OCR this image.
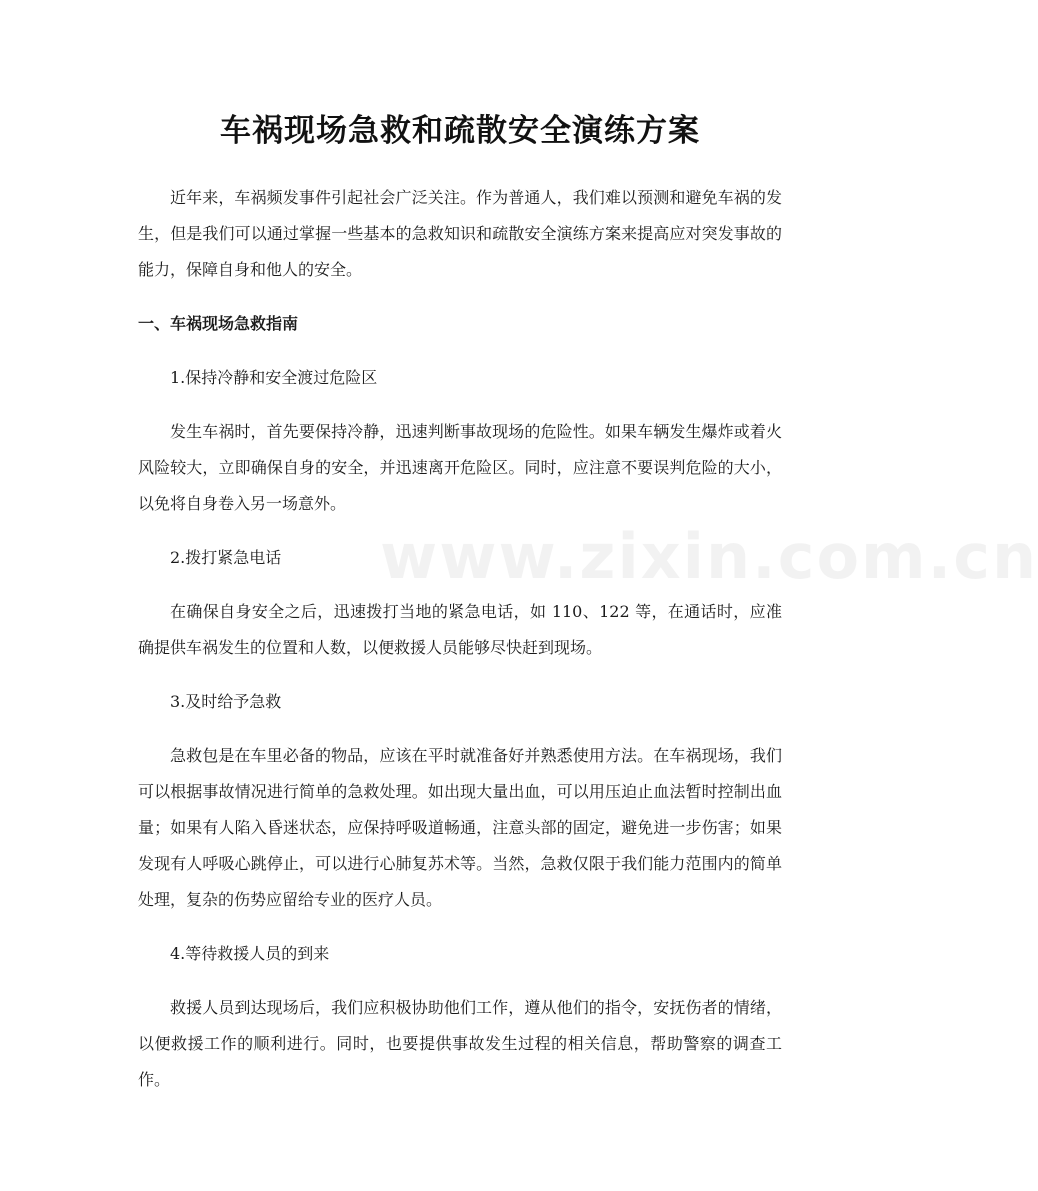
车祸现场急救和疏散安全演练方案

近年来，车祸频发事件引起社会广泛关注。作为普通人，我们难以预测和避免车祸的发生，但是我们可以通过掌握一些基本的急救知识和疏散安全演练方案来提高应对突发事故的能力，保障自身和他人的安全。

一、车祸现场急救指南
1.保持冷静和安全渡过危险区

发生车祸时，首先要保持冷静，迅速判断事故现场的危险性。如果车辆发生爆炸或着火风险较大，立即确保自身的安全，并迅速离开危险区。同时，应注意不要误判危险的大小，以免将自身卷入另一场意外。

2.拨打紧急电话

在确保自身安全之后，迅速拨打当地的紧急电话，如 110、122 等，在通话时，应准确提供车祸发生的位置和人数，以便救援人员能够尽快赶到现场。

3.及时给予急救

急救包是在车里必备的物品，应该在平时就准备好并熟悉使用方法。在车祸现场，我们可以根据事故情况进行简单的急救处理。如出现大量出血，可以用压迫止血法暂时控制出血量；如果有人陷入昏迷状态，应保持呼吸道畅通，注意头部的固定，避免进一步伤害；如果发现有人呼吸心跳停止，可以进行心肺复苏术等。当然，急救仅限于我们能力范围内的简单处理，复杂的伤势应留给专业的医疗人员。

4.等待救援人员的到来

救援人员到达现场后，我们应积极协助他们工作，遵从他们的指令，安抚伤者的情绪，以便救援工作的顺利进行。同时，也要提供事故发生过程的相关信息，帮助警察的调查工作。

www.zixin.com.cn
